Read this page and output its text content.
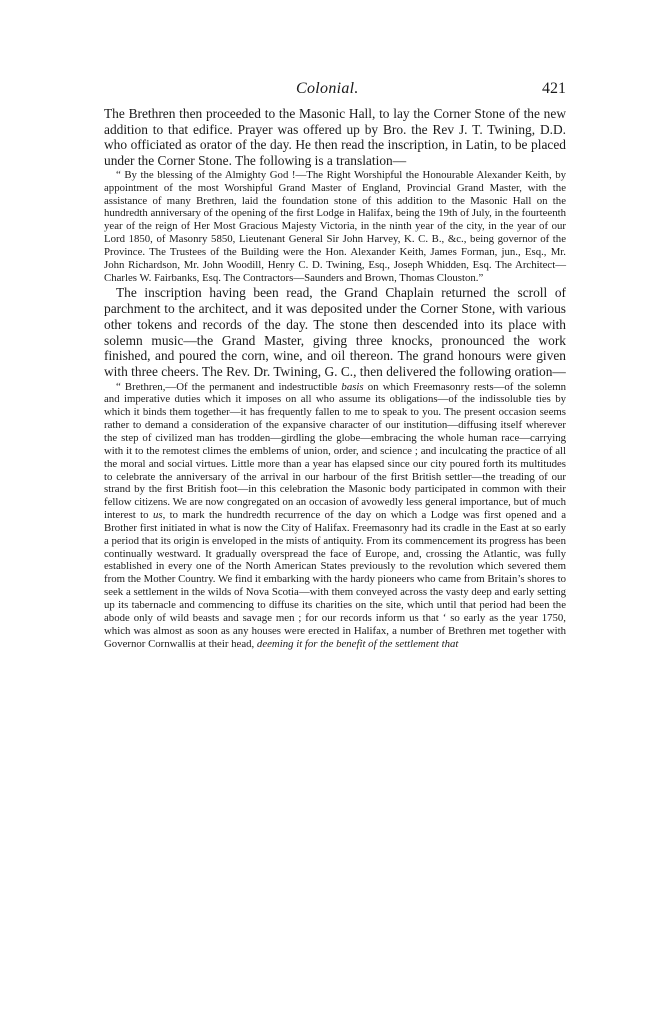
Colonial.	421

The Brethren then proceeded to the Masonic Hall, to lay the Corner Stone of the new addition to that edifice. Prayer was offered up by Bro. the Rev J. T. Twining, D.D. who officiated as orator of the day. He then read the inscription, in Latin, to be placed under the Corner Stone. The following is a translation—

“ By the blessing of the Almighty God !—The Right Worshipful the Honourable Alexander Keith, by appointment of the most Worshipful Grand Master of England, Provincial Grand Master, with the assistance of many Brethren, laid the foundation stone of this addition to the Masonic Hall on the hundredth anniversary of the opening of the first Lodge in Halifax, being the 19th of July, in the fourteenth year of the reign of Her Most Gracious Majesty Victoria, in the ninth year of the city, in the year of our Lord 1850, of Masonry 5850, Lieutenant General Sir John Harvey, K. C. B., &c., being governor of the Province. The Trustees of the Building were the Hon. Alexander Keith, James Forman, jun., Esq., Mr. John Richardson, Mr. John Woodill, Henry C. D. Twining, Esq., Joseph Whidden, Esq. The Architect—Charles W. Fairbanks, Esq. The Contractors—Saunders and Brown, Thomas Clouston.”

The inscription having been read, the Grand Chaplain returned the scroll of parchment to the architect, and it was deposited under the Corner Stone, with various other tokens and records of the day. The stone then descended into its place with solemn music—the Grand Master, giving three knocks, pronounced the work finished, and poured the corn, wine, and oil thereon. The grand honours were given with three cheers. The Rev. Dr. Twining, G. C., then delivered the following oration—

“ Brethren,—Of the permanent and indestructible basis on which Freemasonry rests—of the solemn and imperative duties which it imposes on all who assume its obligations—of the indissoluble ties by which it binds them together—it has frequently fallen to me to speak to you. The present occasion seems rather to demand a consideration of the expansive character of our institution—diffusing itself wherever the step of civilized man has trodden—girdling the globe—embracing the whole human race—carrying with it to the remotest climes the emblems of union, order, and science ; and inculcating the practice of all the moral and social virtues. Little more than a year has elapsed since our city poured forth its multitudes to celebrate the anniversary of the arrival in our harbour of the first British settler—the treading of our strand by the first British foot—in this celebration the Masonic body participated in common with their fellow citizens. We are now congregated on an occasion of avowedly less general importance, but of much interest to us, to mark the hundredth recurrence of the day on which a Lodge was first opened and a Brother first initiated in what is now the City of Halifax. Freemasonry had its cradle in the East at so early a period that its origin is enveloped in the mists of antiquity. From its commencement its progress has been continually westward. It gradually overspread the face of Europe, and, crossing the Atlantic, was fully established in every one of the North American States previously to the revolution which severed them from the Mother Country. We find it embarking with the hardy pioneers who came from Britain’s shores to seek a settlement in the wilds of Nova Scotia—with them conveyed across the vasty deep and early setting up its tabernacle and commencing to diffuse its charities on the site, which until that period had been the abode only of wild beasts and savage men ; for our records inform us that ‘ so early as the year 1750, which was almost as soon as any houses were erected in Halifax, a number of Brethren met together with Governor Cornwallis at their head, deeming it for the benefit of the settlement that
